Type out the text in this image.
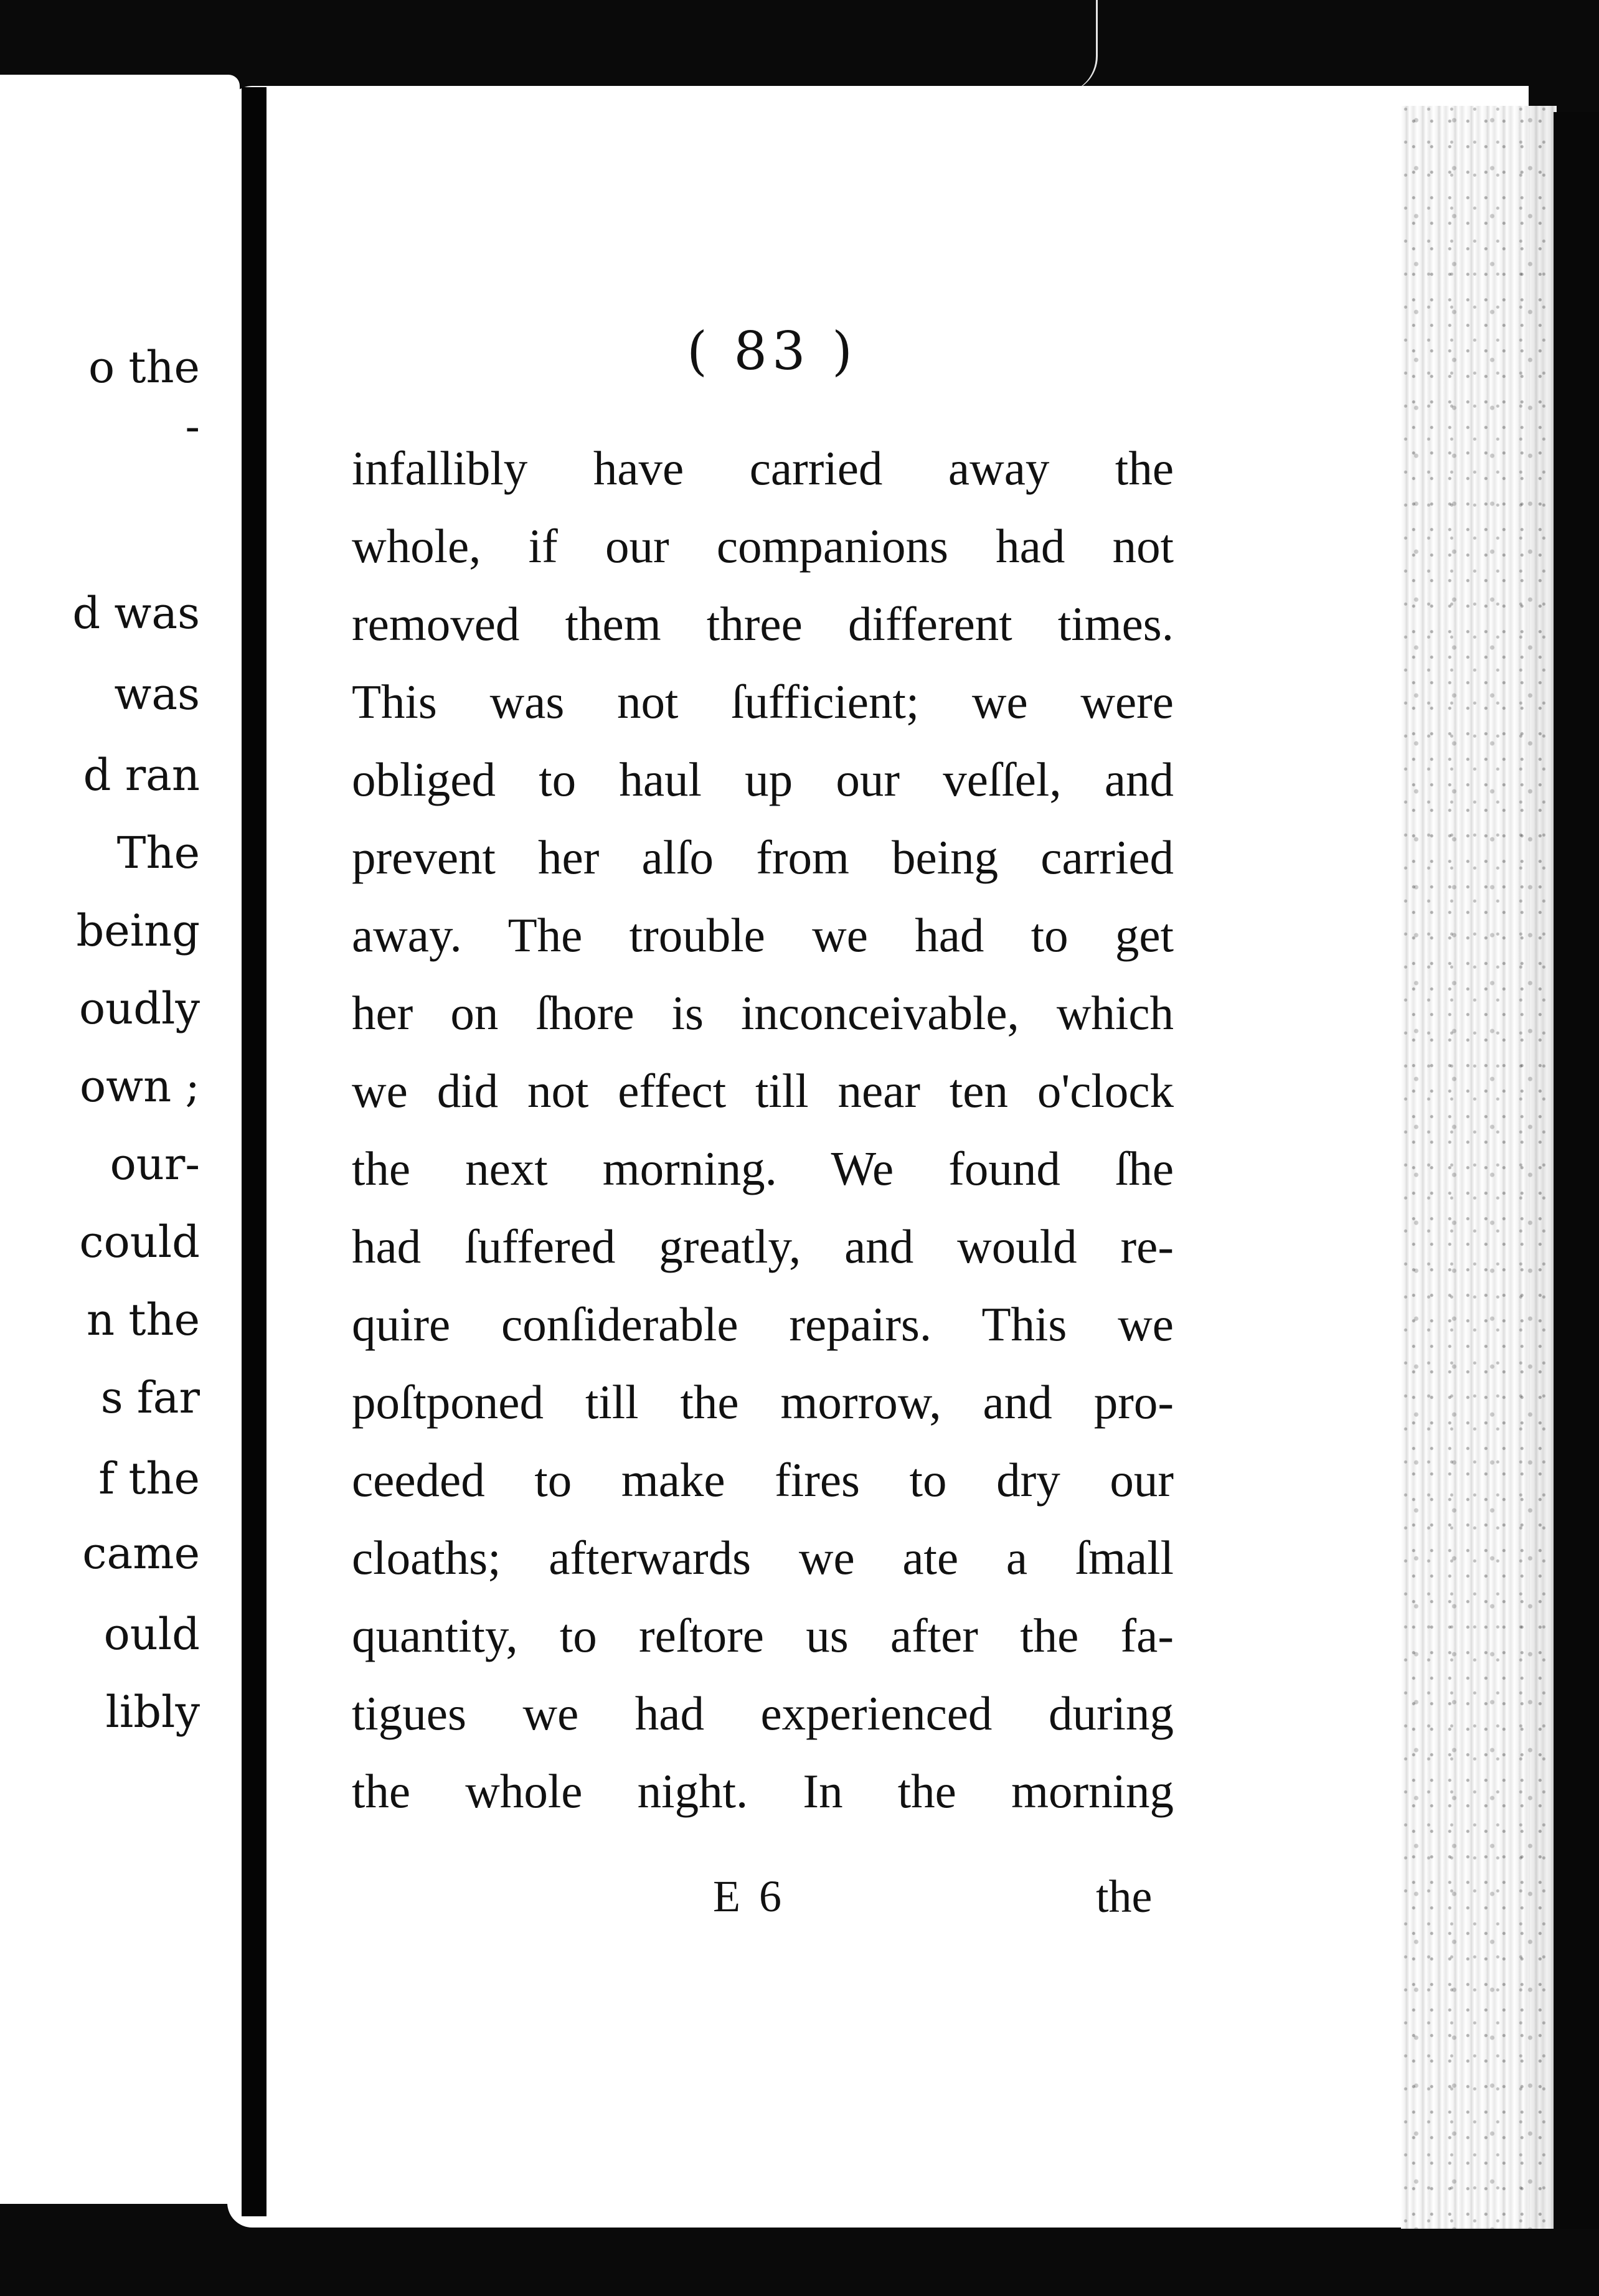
o the
-
d was
was
d ran
The
being
oudly
own ;
our-
could
n the
s far
f the
came
ould
libly
( 83 )
infallibly have carried away the
whole, if our companions had not
removed them three different times.
This was not ſufficient; we were
obliged to haul up our veſſel, and
prevent her alſo from being carried
away. The trouble we had to get
her on ſhore is inconceivable, which
we did not effect till near ten o'clock
the next morning. We found ſhe
had ſuffered greatly, and would re-
quire conſiderable repairs. This we
poſtponed till the morrow, and pro-
ceeded to make fires to dry our
cloaths; afterwards we ate a ſmall
quantity, to reſtore us after the fa-
tigues we had experienced during
the whole night. In the morning
E 6	the
